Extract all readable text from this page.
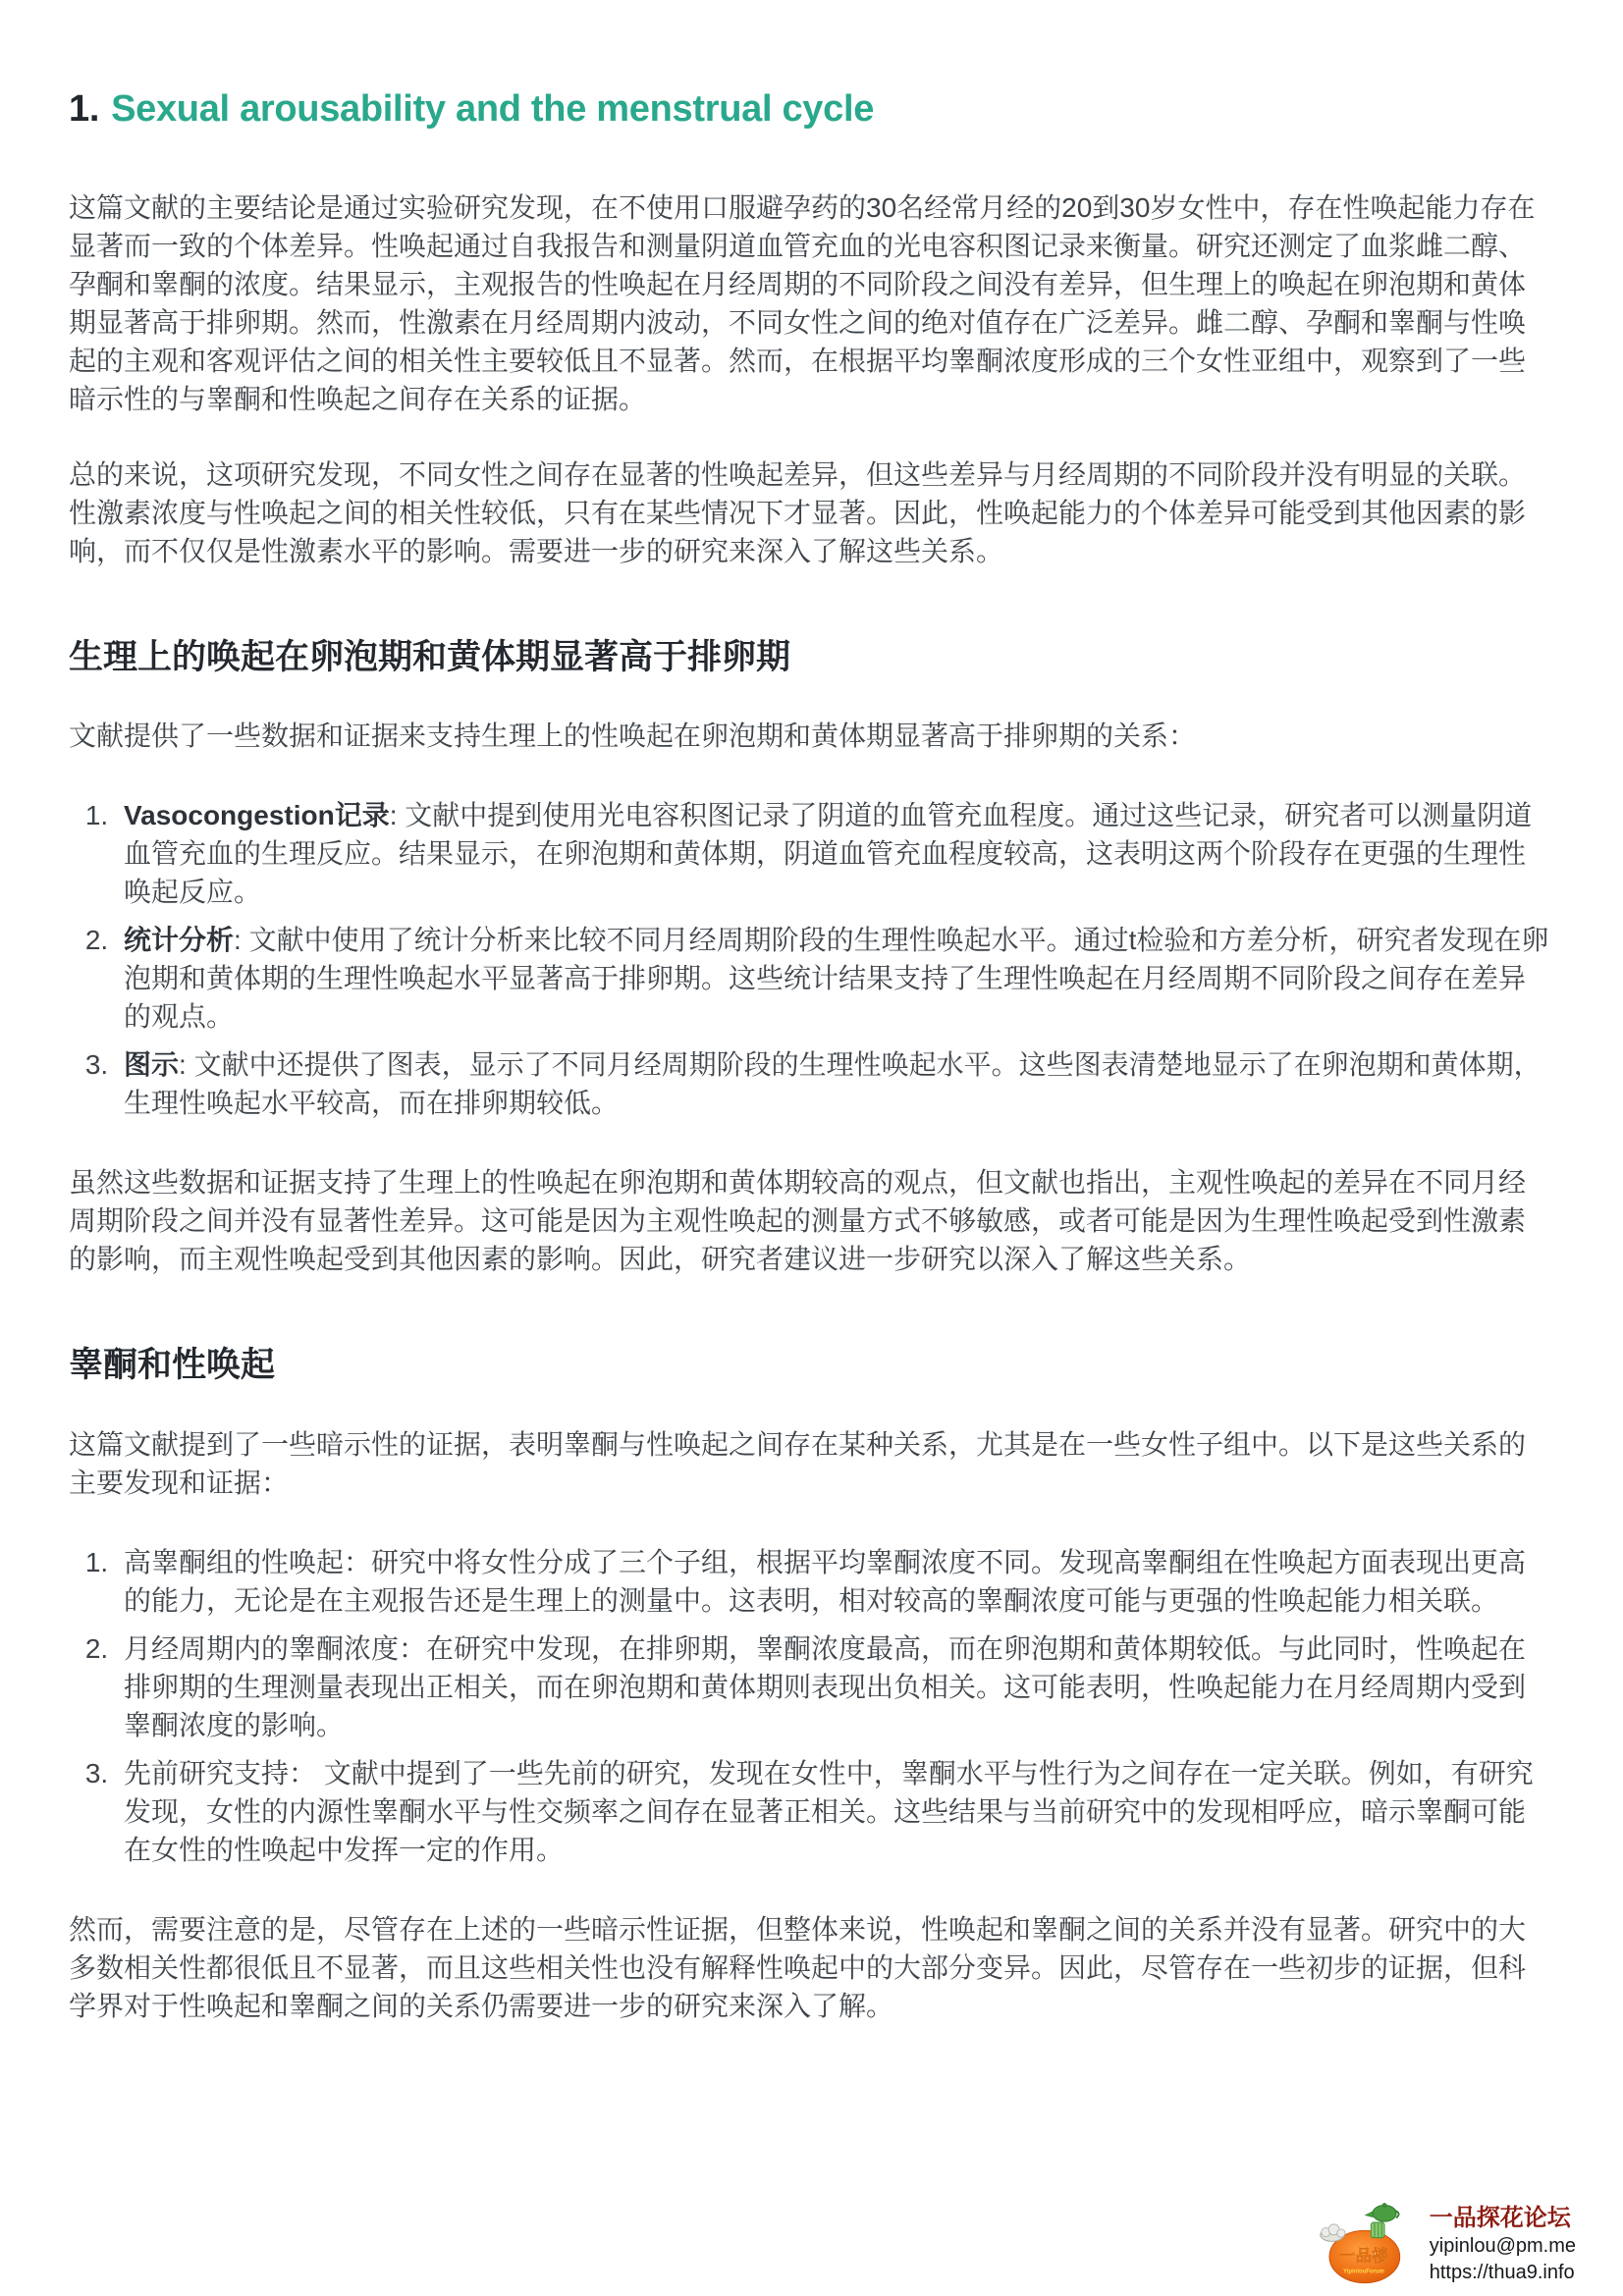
1. Sexual arousability and the menstrual cycle

这篇文献的主要结论是通过实验研究发现，在不使用口服避孕药的30名经常月经的20到30岁女性中，存在性唤起能力存在显著而一致的个体差异。性唤起通过自我报告和测量阴道血管充血的光电容积图记录来衡量。研究还测定了血浆雌二醇、孕酮和睾酮的浓度。结果显示，主观报告的性唤起在月经周期的不同阶段之间没有差异，但生理上的唤起在卵泡期和黄体期显著高于排卵期。然而，性激素在月经周期内波动，不同女性之间的绝对值存在广泛差异。雌二醇、孕酮和睾酮与性唤起的主观和客观评估之间的相关性主要较低且不显著。然而，在根据平均睾酮浓度形成的三个女性亚组中，观察到了一些暗示性的与睾酮和性唤起之间存在关系的证据。

总的来说，这项研究发现，不同女性之间存在显著的性唤起差异，但这些差异与月经周期的不同阶段并没有明显的关联。性激素浓度与性唤起之间的相关性较低，只有在某些情况下才显著。因此，性唤起能力的个体差异可能受到其他因素的影响，而不仅仅是性激素水平的影响。需要进一步的研究来深入了解这些关系。

生理上的唤起在卵泡期和黄体期显著高于排卵期

文献提供了一些数据和证据来支持生理上的性唤起在卵泡期和黄体期显著高于排卵期的关系：

1. Vasocongestion记录: 文献中提到使用光电容积图记录了阴道的血管充血程度。通过这些记录，研究者可以测量阴道血管充血的生理反应。结果显示，在卵泡期和黄体期，阴道血管充血程度较高，这表明这两个阶段存在更强的生理性唤起反应。
2. 统计分析: 文献中使用了统计分析来比较不同月经周期阶段的生理性唤起水平。通过t检验和方差分析，研究者发现在卵泡期和黄体期的生理性唤起水平显著高于排卵期。这些统计结果支持了生理性唤起在月经周期不同阶段之间存在差异的观点。
3. 图示: 文献中还提供了图表，显示了不同月经周期阶段的生理性唤起水平。这些图表清楚地显示了在卵泡期和黄体期，生理性唤起水平较高，而在排卵期较低。

虽然这些数据和证据支持了生理上的性唤起在卵泡期和黄体期较高的观点，但文献也指出，主观性唤起的差异在不同月经周期阶段之间并没有显著性差异。这可能是因为主观性唤起的测量方式不够敏感，或者可能是因为生理性唤起受到性激素的影响，而主观性唤起受到其他因素的影响。因此，研究者建议进一步研究以深入了解这些关系。

睾酮和性唤起

这篇文献提到了一些暗示性的证据，表明睾酮与性唤起之间存在某种关系，尤其是在一些女性子组中。以下是这些关系的主要发现和证据：

1. 高睾酮组的性唤起：研究中将女性分成了三个子组，根据平均睾酮浓度不同。发现高睾酮组在性唤起方面表现出更高的能力，无论是在主观报告还是生理上的测量中。这表明，相对较高的睾酮浓度可能与更强的性唤起能力相关联。
2. 月经周期内的睾酮浓度：在研究中发现，在排卵期，睾酮浓度最高，而在卵泡期和黄体期较低。与此同时，性唤起在排卵期的生理测量表现出正相关，而在卵泡期和黄体期则表现出负相关。这可能表明，性唤起能力在月经周期内受到睾酮浓度的影响。
3. 先前研究支持： 文献中提到了一些先前的研究，发现在女性中，睾酮水平与性行为之间存在一定关联。例如，有研究发现，女性的内源性睾酮水平与性交频率之间存在显著正相关。这些结果与当前研究中的发现相呼应，暗示睾酮可能在女性的性唤起中发挥一定的作用。

然而，需要注意的是，尽管存在上述的一些暗示性证据，但整体来说，性唤起和睾酮之间的关系并没有显著。研究中的大多数相关性都很低且不显著，而且这些相关性也没有解释性唤起中的大部分变异。因此，尽管存在一些初步的证据，但科学界对于性唤起和睾酮之间的关系仍需要进一步的研究来深入了解。

一品楼
YipinlouForum
一品探花论坛
yipinlou@pm.me
https://thua9.info
